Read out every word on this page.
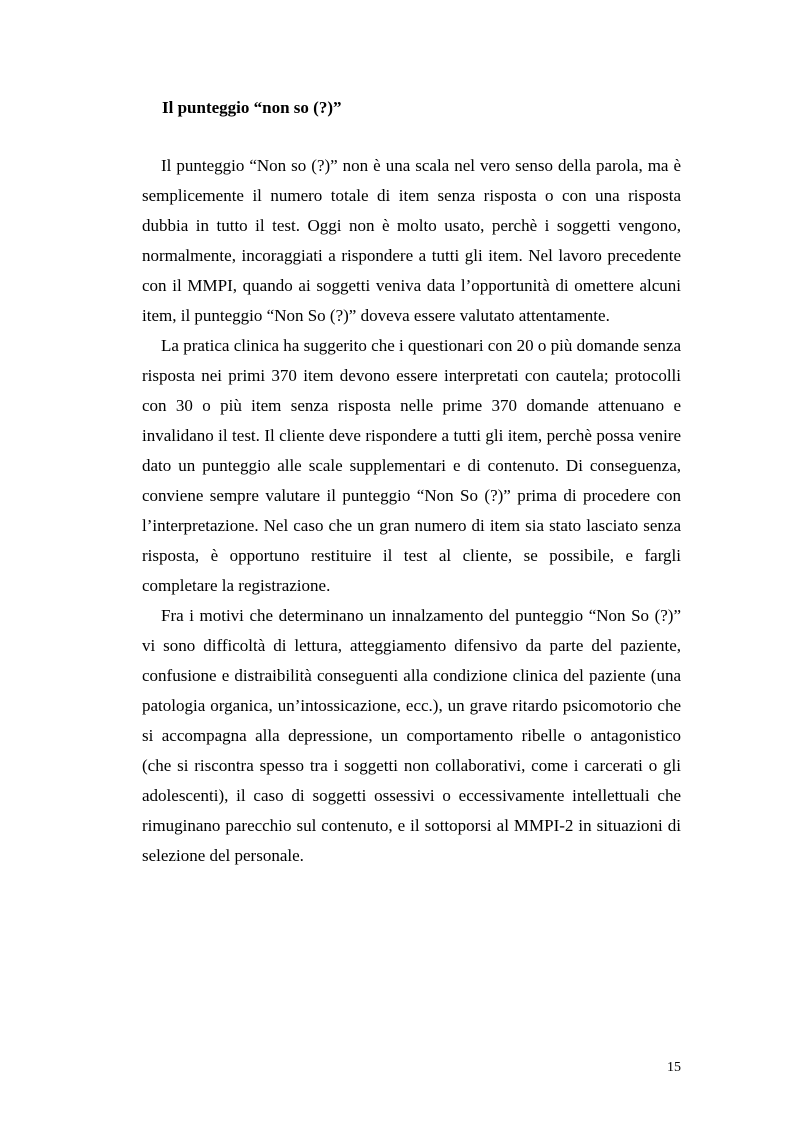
Il punteggio “non so (?)”

Il punteggio “Non so (?)” non è una scala nel vero senso della parola, ma è semplicemente il numero totale di item senza risposta o con una risposta dubbia in tutto il test. Oggi non è molto usato, perchè i soggetti vengono, normalmente, incoraggiati a rispondere a tutti gli item. Nel lavoro precedente con il MMPI, quando ai soggetti veniva data l’opportunità di omettere alcuni item, il punteggio “Non So (?)” doveva essere valutato attentamente.

La pratica clinica ha suggerito che i questionari con 20 o più domande senza risposta nei primi 370 item devono essere interpretati con cautela; protocolli con 30 o più item senza risposta nelle prime 370 domande attenuano e invalidano il test. Il cliente deve rispondere a tutti gli item, perchè possa venire dato un punteggio alle scale supplementari e di contenuto. Di conseguenza, conviene sempre valutare il punteggio “Non So (?)” prima di procedere con l’interpretazione. Nel caso che un gran numero di item sia stato lasciato senza risposta, è opportuno restituire il test al cliente, se possibile, e fargli completare la registrazione.

Fra i motivi che determinano un innalzamento del punteggio “Non So (?)” vi sono difficoltà di lettura, atteggiamento difensivo da parte del paziente, confusione e distraibilità conseguenti alla condizione clinica del paziente (una patologia organica, un’intossicazione, ecc.), un grave ritardo psicomotorio che si accompagna alla depressione, un comportamento ribelle o antagonistico (che si riscontra spesso tra i soggetti non collaborativi, come i carcerati o gli adolescenti), il caso di soggetti ossessivi o eccessivamente intellettuali che rimuginano parecchio sul contenuto, e il sottoporsi al MMPI-2 in situazioni di selezione del personale.

15
